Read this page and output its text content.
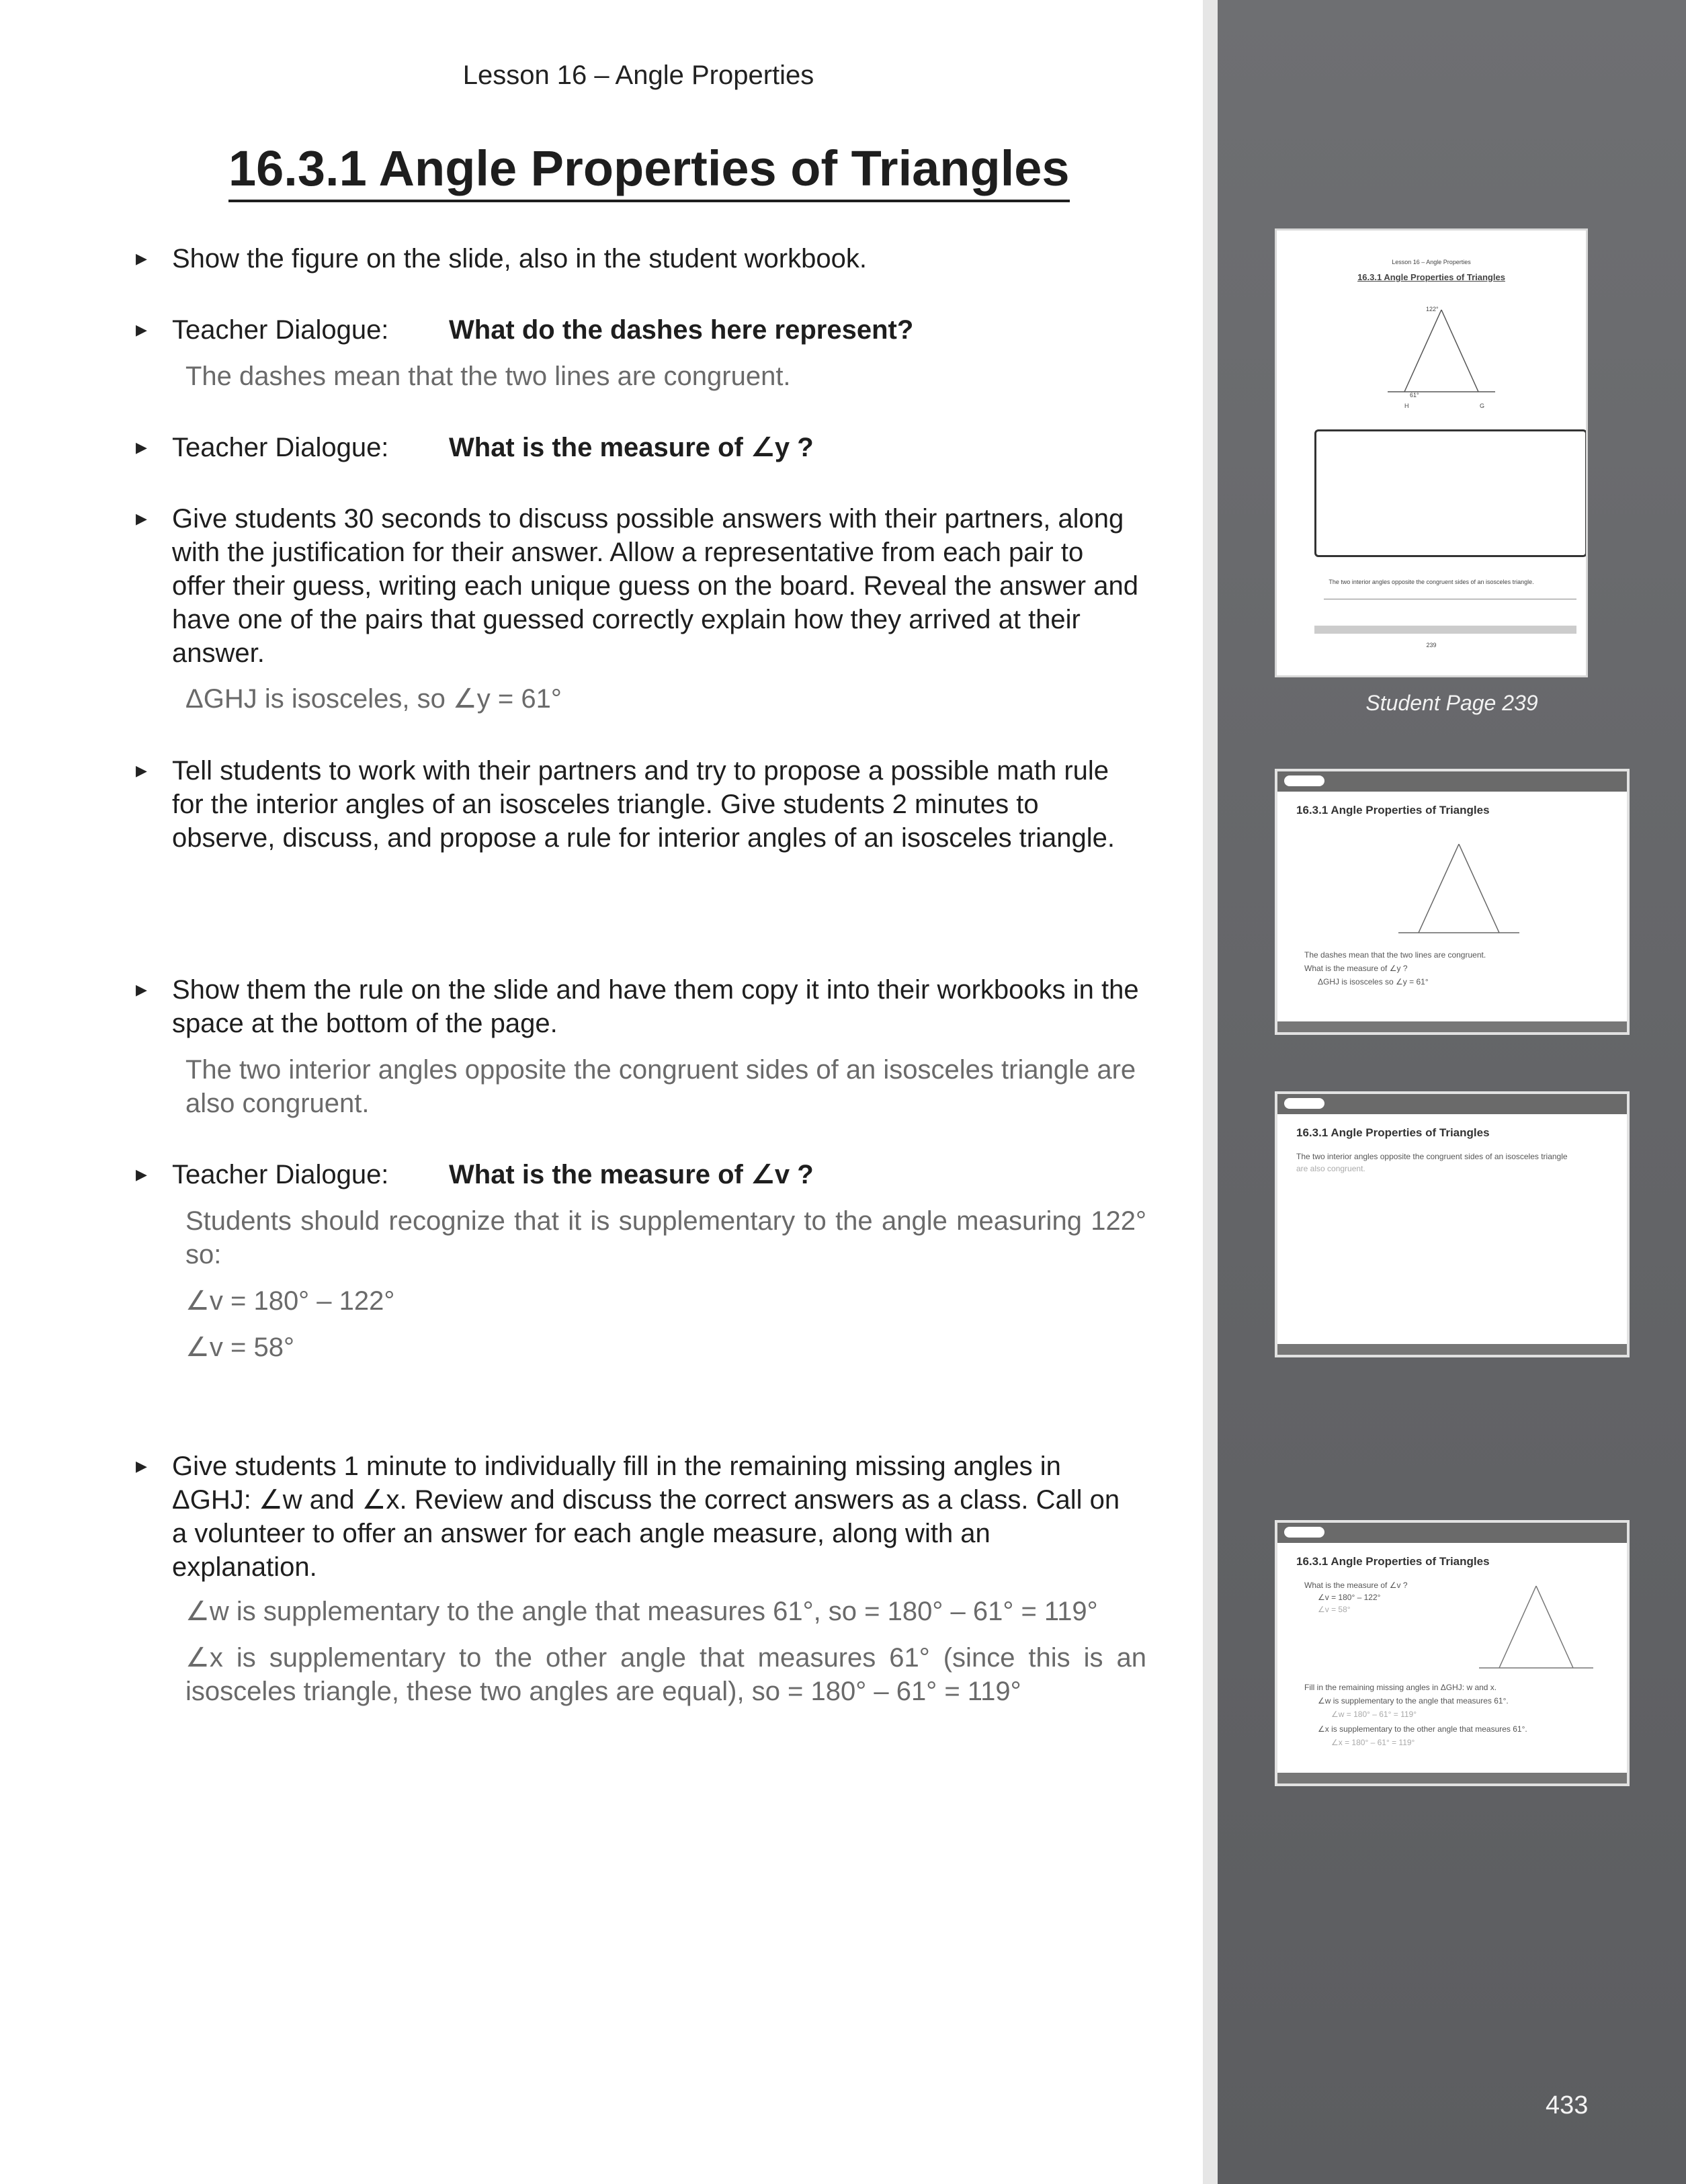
Lesson 16 – Angle Properties
16.3.1 Angle Properties of Triangles
▶ Show the figure on the slide, also in the student workbook.
▶ Teacher Dialogue: What do the dashes here represent?
The dashes mean that the two lines are congruent.
▶ Teacher Dialogue: What is the measure of ∠y ?
▶ Give students 30 seconds to discuss possible answers with their partners, along with the justification for their answer. Allow a representative from each pair to offer their guess, writing each unique guess on the board. Reveal the answer and have one of the pairs that guessed correctly explain how they arrived at their answer.
ΔGHJ is isosceles, so ∠y = 61°
▶ Tell students to work with their partners and try to propose a possible math rule for the interior angles of an isosceles triangle. Give students 2 minutes to observe, discuss, and propose a rule for interior angles of an isosceles triangle.
▶ Show them the rule on the slide and have them copy it into their workbooks in the space at the bottom of the page.
The two interior angles opposite the congruent sides of an isosceles triangle are also congruent.
▶ Teacher Dialogue: What is the measure of ∠v ?
Students should recognize that it is supplementary to the angle measuring 122° so:
∠v = 180° – 122°
∠v = 58°
▶ Give students 1 minute to individually fill in the remaining missing angles in ΔGHJ: ∠w and ∠x. Review and discuss the correct answers as a class. Call on a volunteer to offer an answer for each angle measure, along with an explanation.
∠w is supplementary to the angle that measures 61°, so = 180° – 61° = 119°
∠x is supplementary to the other angle that measures 61° (since this is an isosceles triangle, these two angles are equal), so = 180° – 61° = 119°
Lesson 16 – Angle Properties
16.3.1 Angle Properties of Triangles
122°
61°
H	G
The two interior angles opposite the congruent sides of an isosceles triangle.
239
Student Page 239
16.3.1 Angle Properties of Triangles
The dashes mean that the two lines are congruent.
What is the measure of ∠y ?
ΔGHJ is isosceles so ∠y = 61°
16.3.1 Angle Properties of Triangles
The two interior angles opposite the congruent sides of an isosceles triangle
are also congruent.
16.3.1 Angle Properties of Triangles
What is the measure of ∠v ?
∠v = 180° – 122°
∠v = 58°
Fill in the remaining missing angles in ΔGHJ: w and x.
∠w is supplementary to the angle that measures 61°.
∠w = 180° – 61° = 119°
∠x is supplementary to the other angle that measures 61°.
∠x = 180° – 61° = 119°
433
